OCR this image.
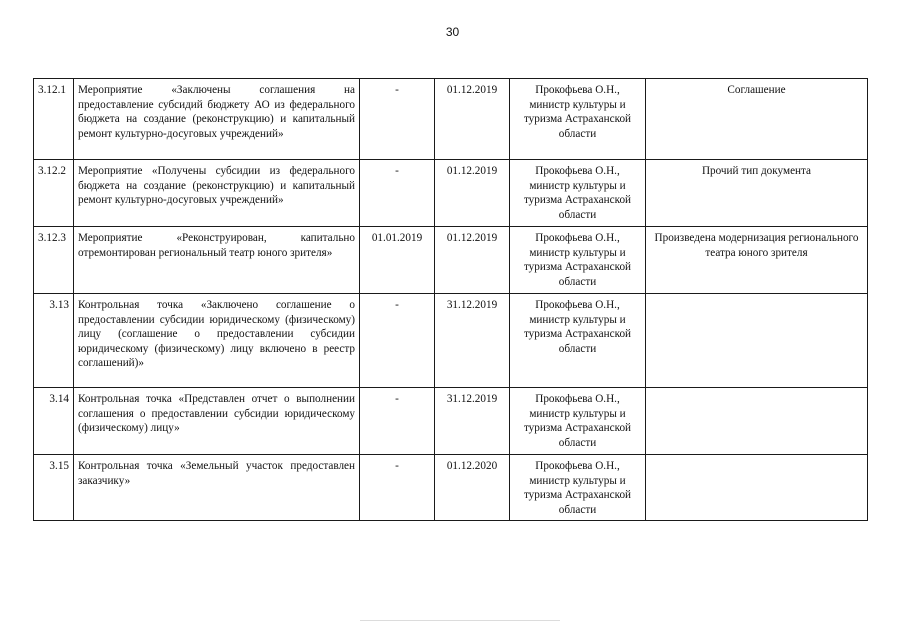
30
3.12.1	Мероприятие «Заключены соглашения на предоставление субсидий бюджету АО из федерального бюджета на создание (реконструкцию) и капитальный ремонт культурно-досуговых учреждений»	-	01.12.2019	Прокофьева О.Н., министр культуры и туризма Астраханской области	Соглашение
3.12.2	Мероприятие «Получены субсидии из федерального бюджета на создание (реконструкцию) и капитальный ремонт культурно-досуговых учреждений»	-	01.12.2019	Прокофьева О.Н., министр культуры и туризма Астраханской области	Прочий тип документа
3.12.3	Мероприятие «Реконструирован, капитально отремонтирован региональный театр юного зрителя»	01.01.2019	01.12.2019	Прокофьева О.Н., министр культуры и туризма Астраханской области	Произведена модернизация регионального театра юного зрителя
3.13	Контрольная точка «Заключено соглашение о предоставлении субсидии юридическому (физическому) лицу (соглашение о предоставлении субсидии юридическому (физическому) лицу включено в реестр соглашений)»	-	31.12.2019	Прокофьева О.Н., министр культуры и туризма Астраханской области	
3.14	Контрольная точка «Представлен отчет о выполнении соглашения о предоставлении субсидии юридическому (физическому) лицу»	-	31.12.2019	Прокофьева О.Н., министр культуры и туризма Астраханской области	
3.15	Контрольная точка «Земельный участок предоставлен заказчику»	-	01.12.2020	Прокофьева О.Н., министр культуры и туризма Астраханской области	
